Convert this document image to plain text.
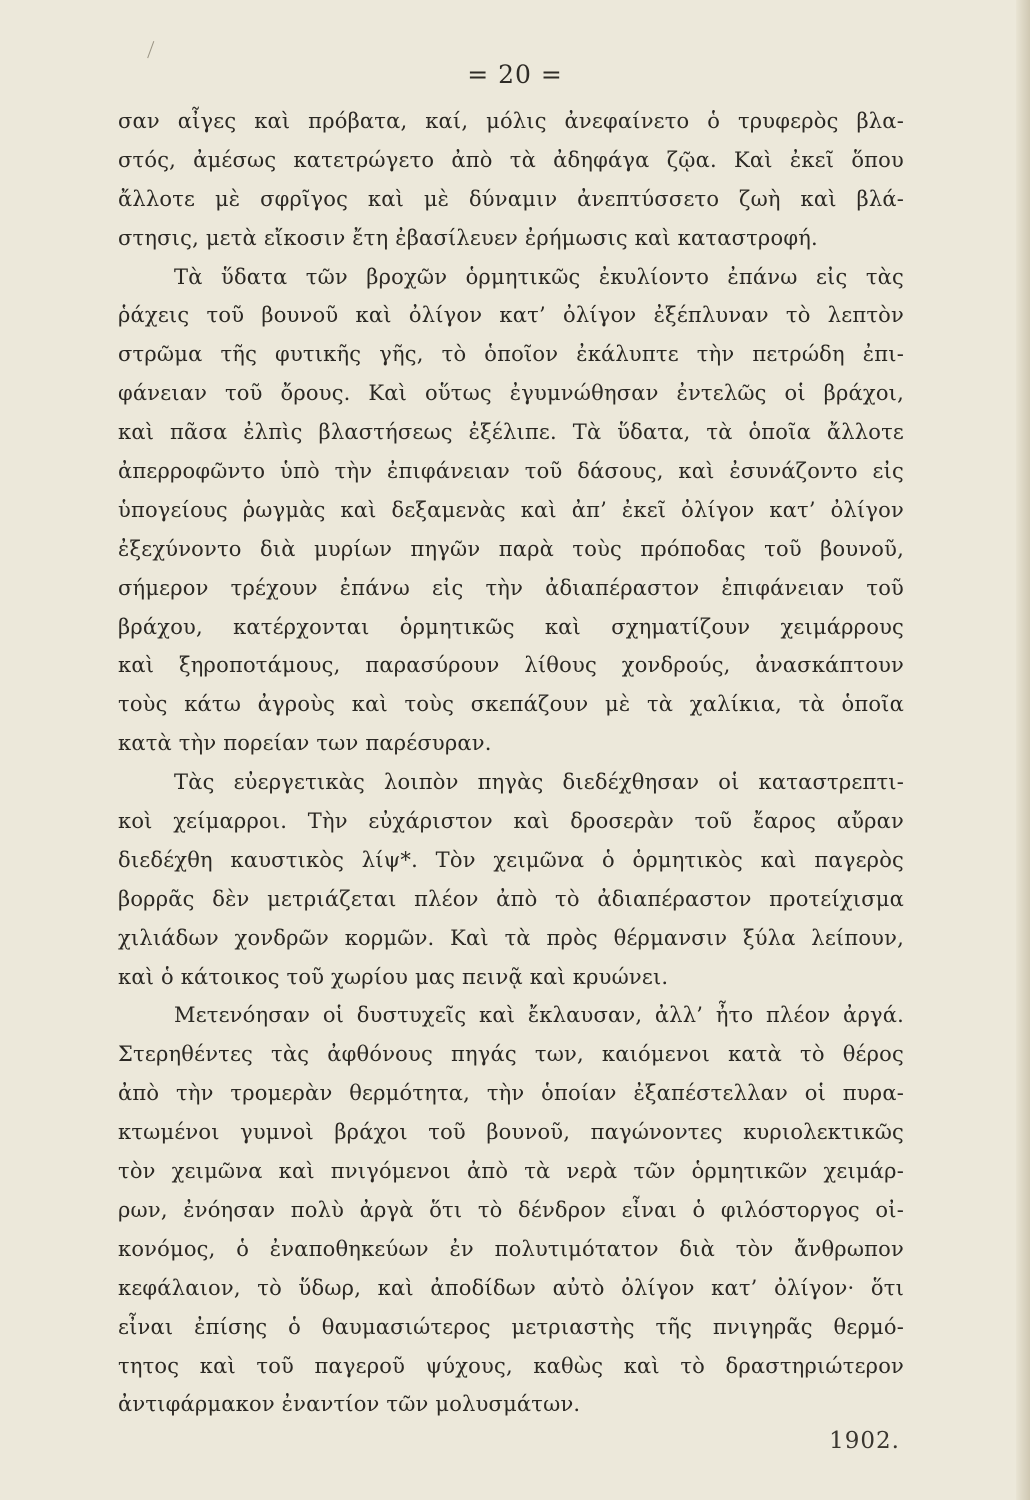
= 20 =
σαν αἶγες καὶ πρόβατα, καί, μόλις ἀνεφαίνετο ὁ τρυφερὸς βλα-
στός, ἀμέσως κατετρώγετο ἀπὸ τὰ ἀδηφάγα ζῷα. Καὶ ἐκεῖ ὅπου
ἄλλοτε μὲ σφρῖγος καὶ μὲ δύναμιν ἀνεπτύσσετο ζωὴ καὶ βλά-
στησις, μετὰ εἴκοσιν ἔτη ἐβασίλευεν ἐρήμωσις καὶ καταστροφή.
Τὰ ὕδατα τῶν βροχῶν ὁρμητικῶς ἐκυλίοντο ἐπάνω εἰς τὰς
ῥάχεις τοῦ βουνοῦ καὶ ὀλίγον κατ’ ὀλίγον ἐξέπλυναν τὸ λεπτὸν
στρῶμα τῆς φυτικῆς γῆς, τὸ ὁποῖον ἐκάλυπτε τὴν πετρώδη ἐπι-
φάνειαν τοῦ ὄρους. Καὶ οὕτως ἐγυμνώθησαν ἐντελῶς οἱ βράχοι,
καὶ πᾶσα ἐλπὶς βλαστήσεως ἐξέλιπε. Τὰ ὕδατα, τὰ ὁποῖα ἄλλοτε
ἀπερροφῶντο ὑπὸ τὴν ἐπιφάνειαν τοῦ δάσους, καὶ ἐσυνάζοντο εἰς
ὑπογείους ῥωγμὰς καὶ δεξαμενὰς καὶ ἀπ’ ἐκεῖ ὀλίγον κατ’ ὀλίγον
ἐξεχύνοντο διὰ μυρίων πηγῶν παρὰ τοὺς πρόποδας τοῦ βουνοῦ,
σήμερον τρέχουν ἐπάνω εἰς τὴν ἀδιαπέραστον ἐπιφάνειαν τοῦ
βράχου, κατέρχονται ὁρμητικῶς καὶ σχηματίζουν χειμάρρους
καὶ ξηροποτάμους, παρασύρουν λίθους χονδρούς, ἀνασκάπτουν
τοὺς κάτω ἀγροὺς καὶ τοὺς σκεπάζουν μὲ τὰ χαλίκια, τὰ ὁποῖα
κατὰ τὴν πορείαν των παρέσυραν.
Τὰς εὐεργετικὰς λοιπὸν πηγὰς διεδέχθησαν οἱ καταστρεπτι-
κοὶ χείμαρροι. Τὴν εὐχάριστον καὶ δροσερὰν τοῦ ἔαρος αὔραν
διεδέχθη καυστικὸς λίψ*. Τὸν χειμῶνα ὁ ὁρμητικὸς καὶ παγερὸς
βορρᾶς δὲν μετριάζεται πλέον ἀπὸ τὸ ἀδιαπέραστον προτείχισμα
χιλιάδων χονδρῶν κορμῶν. Καὶ τὰ πρὸς θέρμανσιν ξύλα λείπουν,
καὶ ὁ κάτοικος τοῦ χωρίου μας πεινᾷ καὶ κρυώνει.
Μετενόησαν οἱ δυστυχεῖς καὶ ἔκλαυσαν, ἀλλ’ ἦτο πλέον ἀργά.
Στερηθέντες τὰς ἀφθόνους πηγάς των, καιόμενοι κατὰ τὸ θέρος
ἀπὸ τὴν τρομερὰν θερμότητα, τὴν ὁποίαν ἐξαπέστελλαν οἱ πυρα-
κτωμένοι γυμνοὶ βράχοι τοῦ βουνοῦ, παγώνοντες κυριολεκτικῶς
τὸν χειμῶνα καὶ πνιγόμενοι ἀπὸ τὰ νερὰ τῶν ὁρμητικῶν χειμάρ-
ρων, ἐνόησαν πολὺ ἀργὰ ὅτι τὸ δένδρον εἶναι ὁ φιλόστοργος οἰ-
κονόμος, ὁ ἐναποθηκεύων ἐν πολυτιμότατον διὰ τὸν ἄνθρωπον
κεφάλαιον, τὸ ὕδωρ, καὶ ἀποδίδων αὐτὸ ὀλίγον κατ’ ὀλίγον· ὅτι
εἶναι ἐπίσης ὁ θαυμασιώτερος μετριαστὴς τῆς πνιγηρᾶς θερμό-
τητος καὶ τοῦ παγεροῦ ψύχους, καθὼς καὶ τὸ δραστηριώτερον
ἀντιφάρμακον ἐναντίον τῶν μολυσμάτων.
1902.
